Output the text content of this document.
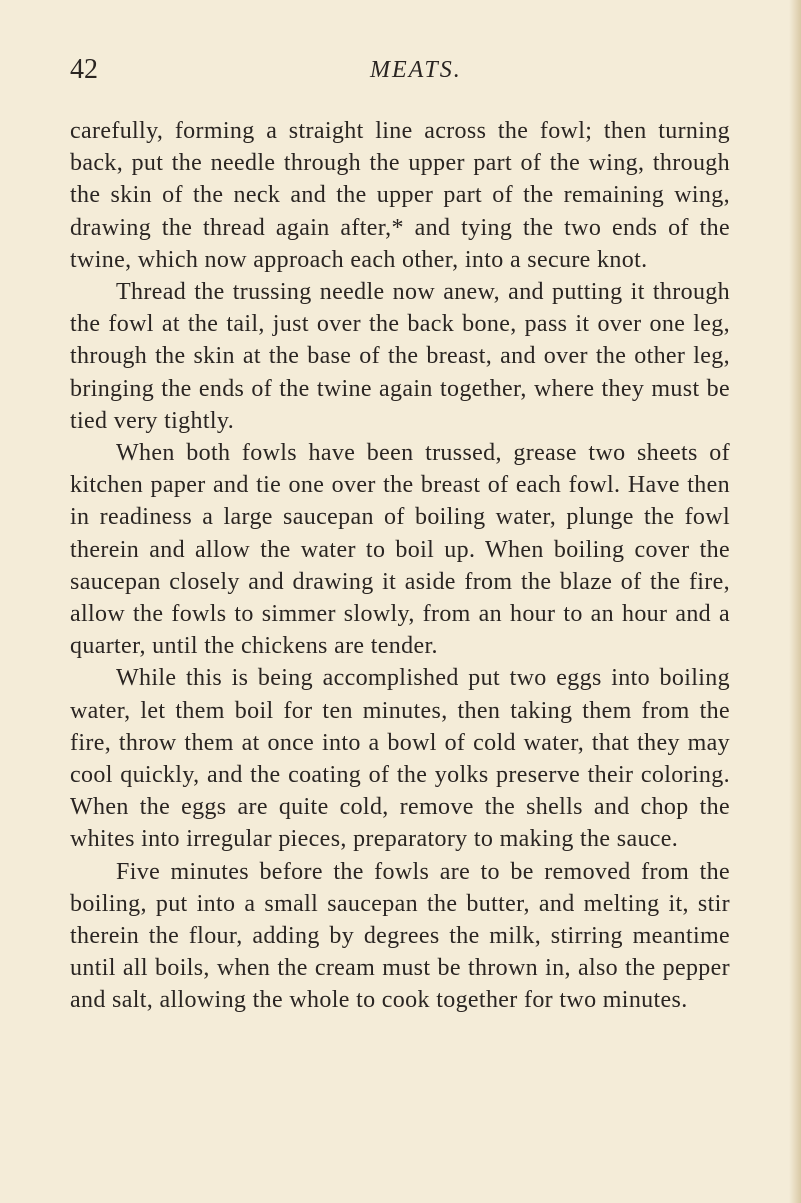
42	MEATS.

carefully, forming a straight line across the fowl; then turning back, put the needle through the upper part of the wing, through the skin of the neck and the upper part of the remaining wing, drawing the thread again after,* and tying the two ends of the twine, which now approach each other, into a secure knot.

Thread the trussing needle now anew, and putting it through the fowl at the tail, just over the back bone, pass it over one leg, through the skin at the base of the breast, and over the other leg, bringing the ends of the twine again together, where they must be tied very tightly.

When both fowls have been trussed, grease two sheets of kitchen paper and tie one over the breast of each fowl. Have then in readiness a large saucepan of boiling water, plunge the fowl therein and allow the water to boil up. When boiling cover the saucepan closely and drawing it aside from the blaze of the fire, allow the fowls to simmer slowly, from an hour to an hour and a quarter, until the chickens are tender.

While this is being accomplished put two eggs into boiling water, let them boil for ten minutes, then taking them from the fire, throw them at once into a bowl of cold water, that they may cool quickly, and the coating of the yolks preserve their coloring. When the eggs are quite cold, remove the shells and chop the whites into irregular pieces, preparatory to making the sauce.

Five minutes before the fowls are to be removed from the boiling, put into a small saucepan the butter, and melting it, stir therein the flour, adding by degrees the milk, stirring meantime until all boils, when the cream must be thrown in, also the pepper and salt, allowing the whole to cook together for two minutes.
